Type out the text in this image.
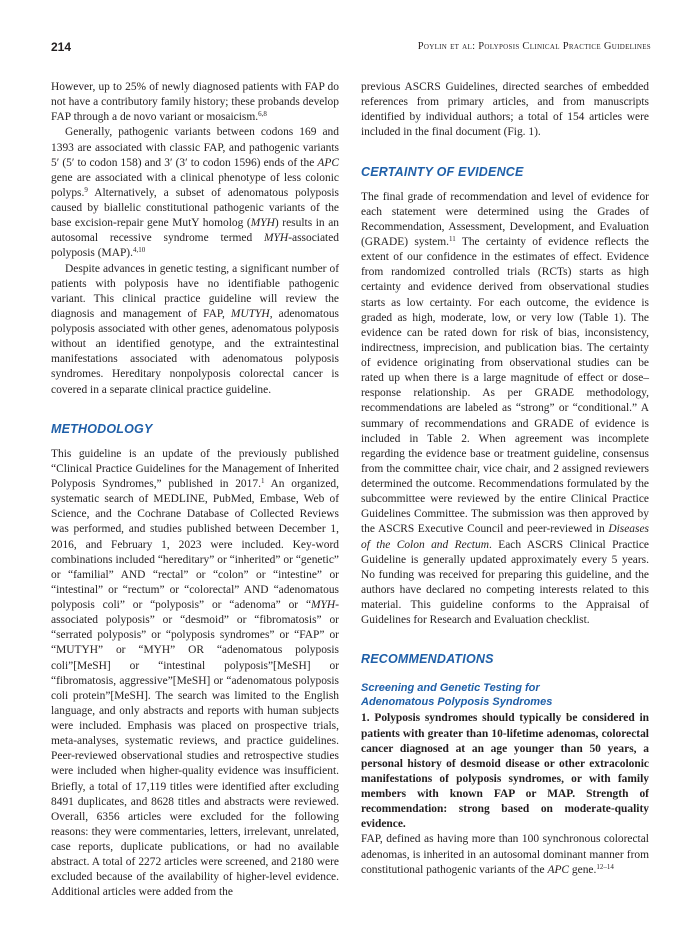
214	Poylin et al: Polyposis Clinical Practice Guidelines

However, up to 25% of newly diagnosed patients with FAP do not have a contributory family history; these probands develop FAP through a de novo variant or mosaicism.$^{6,8}$

Generally, pathogenic variants between codons 169 and 1393 are associated with classic FAP, and pathogenic variants 5′ (5′ to codon 158) and 3′ (3′ to codon 1596) ends of the APC gene are associated with a clinical phenotype of less colonic polyps.$^9$ Alternatively, a subset of adenomatous polyposis caused by biallelic constitutional pathogenic variants of the base excision-repair gene MutY homolog (MYH) results in an autosomal recessive syndrome termed MYH-associated polyposis (MAP).$^{4,10}$

Despite advances in genetic testing, a significant number of patients with polyposis have no identifiable pathogenic variant. This clinical practice guideline will review the diagnosis and management of FAP, MUTYH, adenomatous polyposis associated with other genes, adenomatous polyposis without an identified genotype, and the extraintestinal manifestations associated with adenomatous polyposis syndromes. Hereditary nonpolyposis colorectal cancer is covered in a separate clinical practice guideline.

METHODOLOGY

This guideline is an update of the previously published “Clinical Practice Guidelines for the Management of Inherited Polyposis Syndromes,” published in 2017.$^1$ An organized, systematic search of MEDLINE, PubMed, Embase, Web of Science, and the Cochrane Database of Collected Reviews was performed, and studies published between December 1, 2016, and February 1, 2023 were included. Key-word combinations included “hereditary” or “inherited” or “genetic” or “familial” AND “rectal” or “colon” or “intestine” or “intestinal” or “rectum” or “colorectal” AND “adenomatous polyposis coli” or “polyposis” or “adenoma” or “MYH-associated polyposis” or “desmoid” or “fibromatosis” or “serrated polyposis” or “polyposis syndromes” or “FAP” or “MUTYH” or “MYH” OR “adenomatous polyposis coli”[MeSH] or “intestinal polyposis”[MeSH] or “fibromatosis, aggressive”[MeSH] or “adenomatous polyposis coli protein”[MeSH]. The search was limited to the English language, and only abstracts and reports with human subjects were included. Emphasis was placed on prospective trials, meta-analyses, systematic reviews, and practice guidelines. Peer-reviewed observational studies and retrospective studies were included when higher-quality evidence was insufficient. Briefly, a total of 17,119 titles were identified after excluding 8491 duplicates, and 8628 titles and abstracts were reviewed. Overall, 6356 articles were excluded for the following reasons: they were commentaries, letters, irrelevant, unrelated, case reports, duplicate publications, or had no available abstract. A total of 2272 articles were screened, and 2180 were excluded because of the availability of higher-level evidence. Additional articles were added from the

previous ASCRS Guidelines, directed searches of embedded references from primary articles, and from manuscripts identified by individual authors; a total of 154 articles were included in the final document (Fig. 1).

CERTAINTY OF EVIDENCE

The final grade of recommendation and level of evidence for each statement were determined using the Grades of Recommendation, Assessment, Development, and Evaluation (GRADE) system.$^{11}$ The certainty of evidence reflects the extent of our confidence in the estimates of effect. Evidence from randomized controlled trials (RCTs) starts as high certainty and evidence derived from observational studies starts as low certainty. For each outcome, the evidence is graded as high, moderate, low, or very low (Table 1). The evidence can be rated down for risk of bias, inconsistency, indirectness, imprecision, and publication bias. The certainty of evidence originating from observational studies can be rated up when there is a large magnitude of effect or dose–response relationship. As per GRADE methodology, recommendations are labeled as “strong” or “conditional.” A summary of recommendations and GRADE of evidence is included in Table 2. When agreement was incomplete regarding the evidence base or treatment guideline, consensus from the committee chair, vice chair, and 2 assigned reviewers determined the outcome. Recommendations formulated by the subcommittee were reviewed by the entire Clinical Practice Guidelines Committee. The submission was then approved by the ASCRS Executive Council and peer-reviewed in Diseases of the Colon and Rectum. Each ASCRS Clinical Practice Guideline is generally updated approximately every 5 years. No funding was received for preparing this guideline, and the authors have declared no competing interests related to this material. This guideline conforms to the Appraisal of Guidelines for Research and Evaluation checklist.

RECOMMENDATIONS
Screening and Genetic Testing for
Adenomatous Polyposis Syndromes

1. Polyposis syndromes should typically be considered in patients with greater than 10-lifetime adenomas, colorectal cancer diagnosed at an age younger than 50 years, a personal history of desmoid disease or other extracolonic manifestations of polyposis syndromes, or with family members with known FAP or MAP. Strength of recommendation: strong based on moderate-quality evidence.

FAP, defined as having more than 100 synchronous colorectal adenomas, is inherited in an autosomal dominant manner from constitutional pathogenic variants of the APC gene.$^{12-14}$
